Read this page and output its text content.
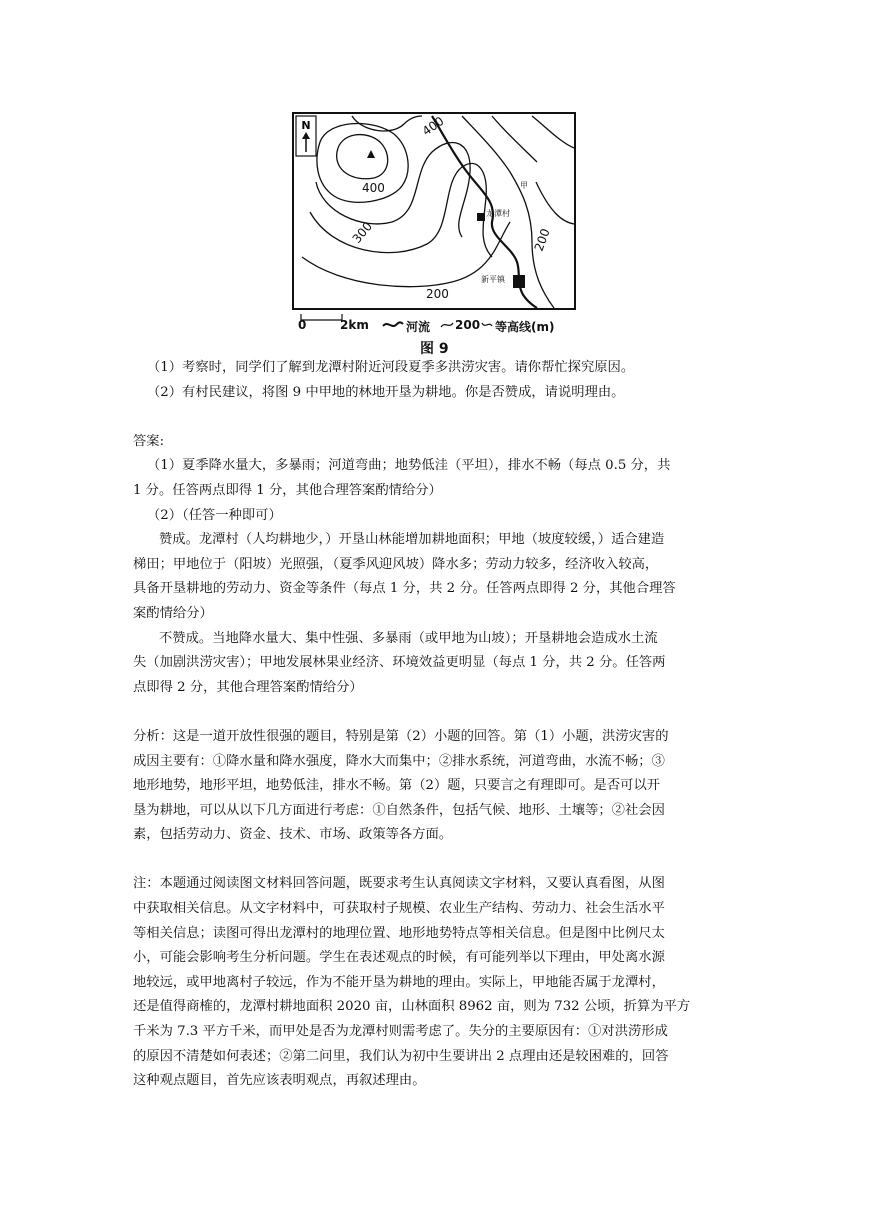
N	400
400
300
200
200
甲
龙潭村
新平镇
0	2km	河流 200 等高线(m)
图 9

（1）考察时，同学们了解到龙潭村附近河段夏季多洪涝灾害。请你帮忙探究原因。

（2）有村民建议，将图 9 中甲地的林地开垦为耕地。你是否赞成，请说明理由。

答案:

（1）夏季降水量大，多暴雨；河道弯曲；地势低洼（平坦），排水不畅（每点 0.5 分，共

1 分。任答两点即得 1 分，其他合理答案酌情给分）

（2）（任答一种即可）

赞成。龙潭村（人均耕地少，）开垦山林能增加耕地面积；甲地（坡度较缓，）适合建造

梯田；甲地位于（阳坡）光照强，（夏季风迎风坡）降水多；劳动力较多，经济收入较高，

具备开垦耕地的劳动力、资金等条件（每点 1 分，共 2 分。任答两点即得 2 分，其他合理答

案酌情给分）

不赞成。当地降水量大、集中性强、多暴雨（或甲地为山坡）；开垦耕地会造成水土流

失（加剧洪涝灾害）；甲地发展林果业经济、环境效益更明显（每点 1 分，共 2 分。任答两

点即得 2 分，其他合理答案酌情给分）

分析：这是一道开放性很强的题目，特别是第（2）小题的回答。第（1）小题，洪涝灾害的

成因主要有：①降水量和降水强度，降水大而集中；②排水系统，河道弯曲，水流不畅；③

地形地势，地形平坦，地势低洼，排水不畅。第（2）题，只要言之有理即可。是否可以开

垦为耕地，可以从以下几方面进行考虑：①自然条件，包括气候、地形、土壤等；②社会因

素，包括劳动力、资金、技术、市场、政策等各方面。

注：本题通过阅读图文材料回答问题，既要求考生认真阅读文字材料，又要认真看图，从图

中获取相关信息。从文字材料中，可获取村子规模、农业生产结构、劳动力、社会生活水平

等相关信息；读图可得出龙潭村的地理位置、地形地势特点等相关信息。但是图中比例尺太

小，可能会影响考生分析问题。学生在表述观点的时候，有可能列举以下理由，甲处离水源

地较远，或甲地离村子较远，作为不能开垦为耕地的理由。实际上，甲地能否属于龙潭村，

还是值得商榷的，龙潭村耕地面积 2020 亩，山林面积 8962 亩，则为 732 公顷，折算为平方

千米为 7.3 平方千米，而甲处是否为龙潭村则需考虑了。失分的主要原因有：①对洪涝形成

的原因不清楚如何表述；②第二问里，我们认为初中生要讲出 2 点理由还是较困难的，回答

这种观点题目，首先应该表明观点，再叙述理由。
